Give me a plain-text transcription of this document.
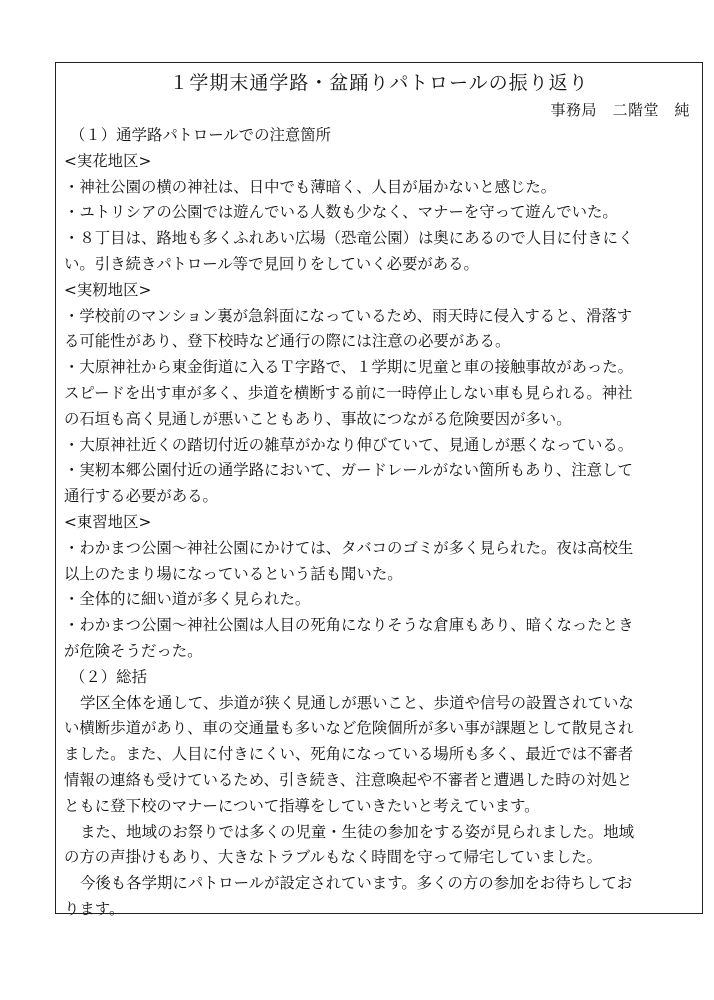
１学期末通学路・盆踊りパトロールの振り返り
事務局　二階堂　純
（１）通学路パトロールでの注意箇所
<実花地区>
・神社公園の横の神社は、日中でも薄暗く、人目が届かないと感じた。
・ユトリシアの公園では遊んでいる人数も少なく、マナーを守って遊んでいた。
・８丁目は、路地も多くふれあい広場（恐竜公園）は奥にあるので人目に付きにく
い。引き続きパトロール等で見回りをしていく必要がある。
<実籾地区>
・学校前のマンション裏が急斜面になっているため、雨天時に侵入すると、滑落す
る可能性があり、登下校時など通行の際には注意の必要がある。
・大原神社から東金街道に入るＴ字路で、１学期に児童と車の接触事故があった。
スピードを出す車が多く、歩道を横断する前に一時停止しない車も見られる。神社
の石垣も高く見通しが悪いこともあり、事故につながる危険要因が多い。
・大原神社近くの踏切付近の雑草がかなり伸びていて、見通しが悪くなっている。
・実籾本郷公園付近の通学路において、ガードレールがない箇所もあり、注意して
通行する必要がある。
<東習地区>
・わかまつ公園～神社公園にかけては、タバコのゴミが多く見られた。夜は高校生
以上のたまり場になっているという話も聞いた。
・全体的に細い道が多く見られた。
・わかまつ公園～神社公園は人目の死角になりそうな倉庫もあり、暗くなったとき
が危険そうだった。
（２）総括
学区全体を通して、歩道が狭く見通しが悪いこと、歩道や信号の設置されていな
い横断歩道があり、車の交通量も多いなど危険個所が多い事が課題として散見され
ました。また、人目に付きにくい、死角になっている場所も多く、最近では不審者
情報の連絡も受けているため、引き続き、注意喚起や不審者と遭遇した時の対処と
ともに登下校のマナーについて指導をしていきたいと考えています。
また、地域のお祭りでは多くの児童・生徒の参加をする姿が見られました。地域
の方の声掛けもあり、大きなトラブルもなく時間を守って帰宅していました。
今後も各学期にパトロールが設定されています。多くの方の参加をお待ちしてお
ります。
